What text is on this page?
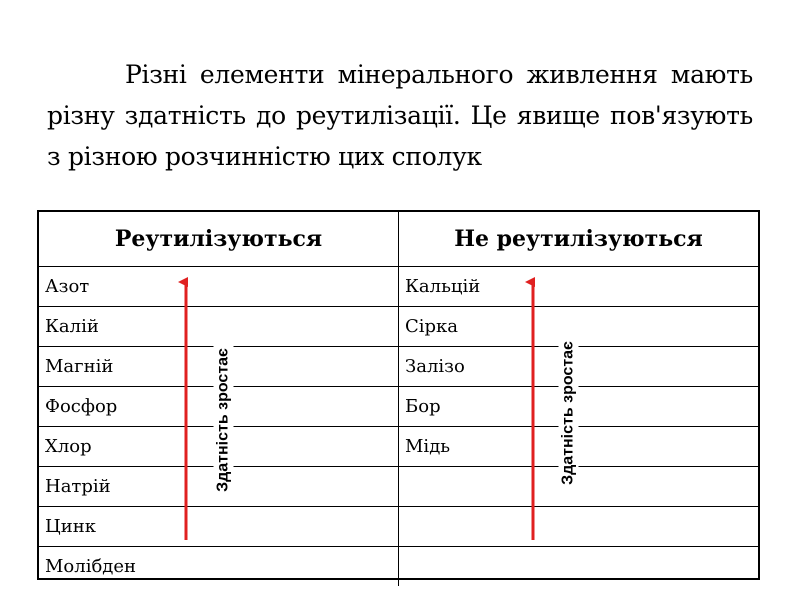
Різні елементи мінерального живлення мають різну здатність до реутилізації. Це явище пов'язують з різною розчинністю цих сполук
Реутилізуються	Не реутилізуються
Азот	Кальцій
Калій	Сірка
Магній	Залізо
Фосфор	Бор
Хлор	Мідь
Натрій	
Цинк	
Молібден	
Здатність зростає	Здатність зростає
